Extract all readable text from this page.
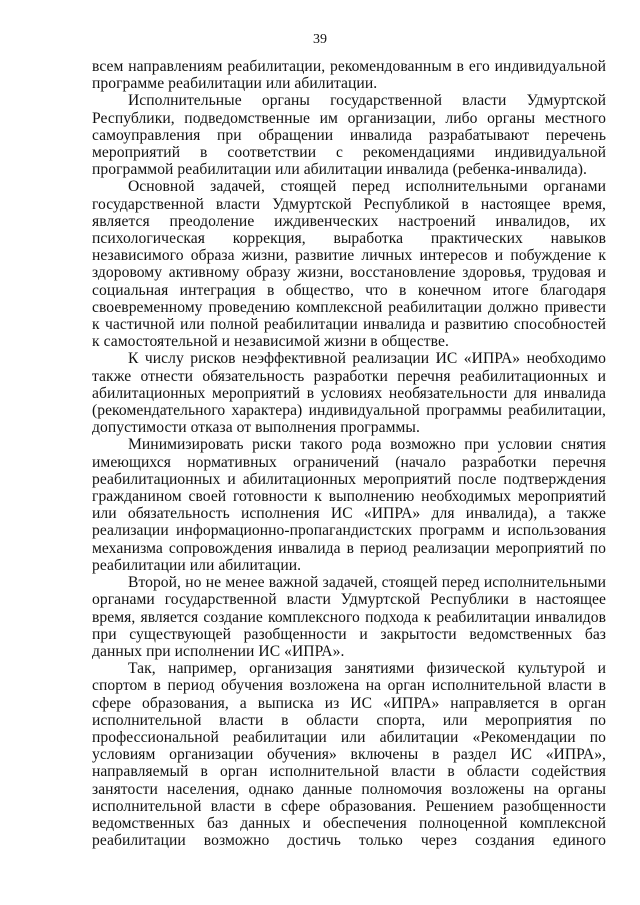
39

всем направлениям реабилитации, рекомендованным в его индивидуальной программе реабилитации или абилитации.

Исполнительные органы государственной власти Удмуртской Республики, подведомственные им организации, либо органы местного самоуправления при обращении инвалида разрабатывают перечень мероприятий в соответствии с рекомендациями индивидуальной программой реабилитации или абилитации инвалида (ребенка-инвалида).

Основной задачей, стоящей перед исполнительными органами государственной власти Удмуртской Республикой в настоящее время, является преодоление иждивенческих настроений инвалидов, их психологическая коррекция, выработка практических навыков независимого образа жизни, развитие личных интересов и побуждение к здоровому активному образу жизни, восстановление здоровья, трудовая и социальная интеграция в общество, что в конечном итоге благодаря своевременному проведению комплексной реабилитации должно привести к частичной или полной реабилитации инвалида и развитию способностей к самостоятельной и независимой жизни в обществе.

К числу рисков неэффективной реализации ИС «ИПРА» необходимо также отнести обязательность разработки перечня реабилитационных и абилитационных мероприятий в условиях необязательности для инвалида (рекомендательного характера) индивидуальной программы реабилитации, допустимости отказа от выполнения программы.

Минимизировать риски такого рода возможно при условии снятия имеющихся нормативных ограничений (начало разработки перечня реабилитационных и абилитационных мероприятий после подтверждения гражданином своей готовности к выполнению необходимых мероприятий или обязательность исполнения ИС «ИПРА» для инвалида), а также реализации информационно-пропагандистских программ и использования механизма сопровождения инвалида в период реализации мероприятий по реабилитации или абилитации.

Второй, но не менее важной задачей, стоящей перед исполнительными органами государственной власти Удмуртской Республики в настоящее время, является создание комплексного подхода к реабилитации инвалидов при существующей разобщенности и закрытости ведомственных баз данных при исполнении ИС «ИПРА».

Так, например, организация занятиями физической культурой и спортом в период обучения возложена на орган исполнительной власти в сфере образования, а выписка из ИС «ИПРА» направляется в орган исполнительной власти в области спорта, или мероприятия по профессиональной реабилитации или абилитации «Рекомендации по условиям организации обучения» включены в раздел ИС «ИПРА», направляемый в орган исполнительной власти в области содействия занятости населения, однако данные полномочия возложены на органы исполнительной власти в сфере образования. Решением разобщенности ведомственных баз данных и обеспечения полноценной комплексной реабилитации возможно достичь только через создания единого
